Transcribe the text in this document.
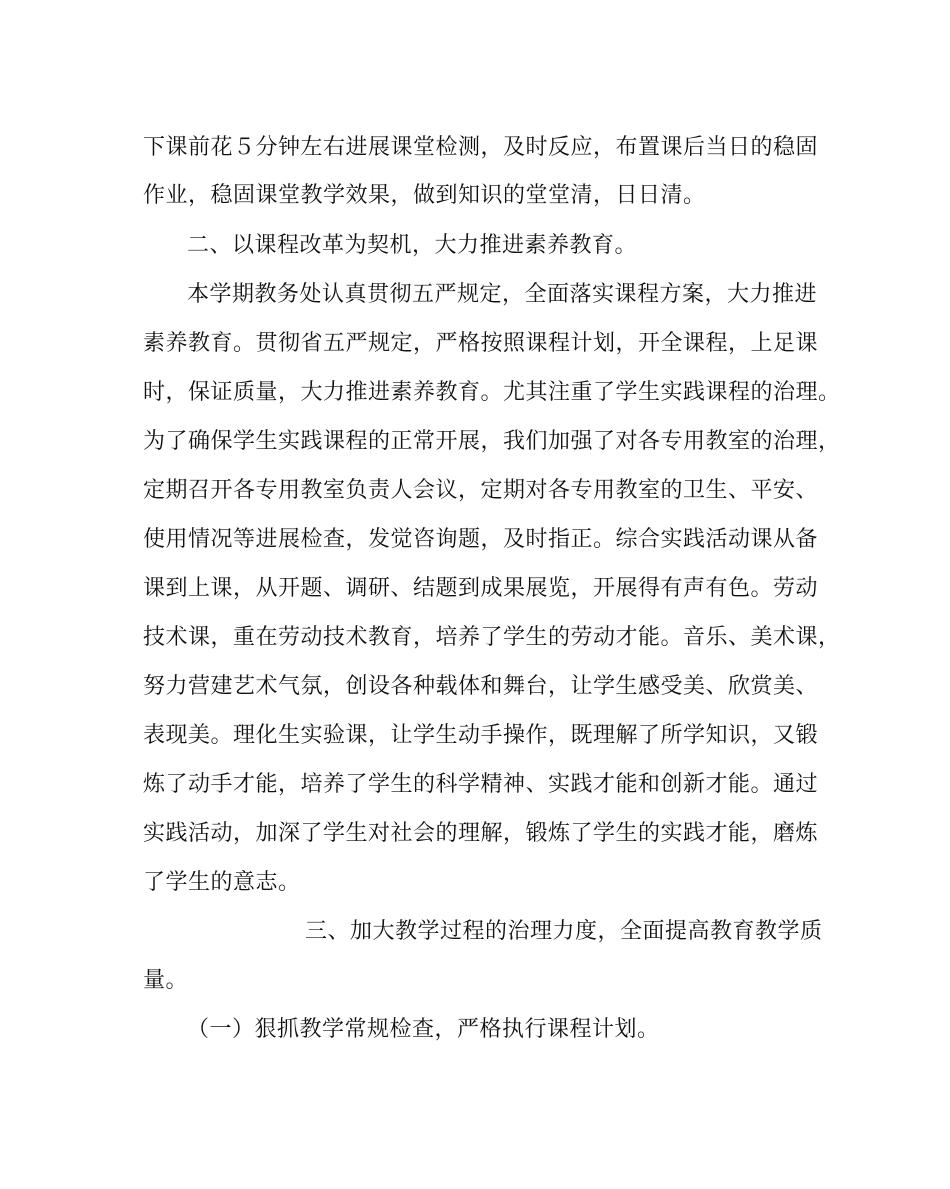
下课前花５分钟左右进展课堂检测，及时反应，布置课后当日的稳固
作业，稳固课堂教学效果，做到知识的堂堂清，日日清。
二、以课程改革为契机，大力推进素养教育。
本学期教务处认真贯彻五严规定，全面落实课程方案，大力推进
素养教育。贯彻省五严规定，严格按照课程计划，开全课程，上足课
时，保证质量，大力推进素养教育。尤其注重了学生实践课程的治理。
为了确保学生实践课程的正常开展，我们加强了对各专用教室的治理，
定期召开各专用教室负责人会议，定期对各专用教室的卫生、平安、
使用情况等进展检查，发觉咨询题，及时指正。综合实践活动课从备
课到上课，从开题、调研、结题到成果展览，开展得有声有色。劳动
技术课，重在劳动技术教育，培养了学生的劳动才能。音乐、美术课，
努力营建艺术气氛，创设各种载体和舞台，让学生感受美、欣赏美、
表现美。理化生实验课，让学生动手操作，既理解了所学知识，又锻
炼了动手才能，培养了学生的科学精神、实践才能和创新才能。通过
实践活动，加深了学生对社会的理解，锻炼了学生的实践才能，磨炼
了学生的意志。
三、加大教学过程的治理力度，全面提高教育教学质
量。
（一）狠抓教学常规检查，严格执行课程计划。
